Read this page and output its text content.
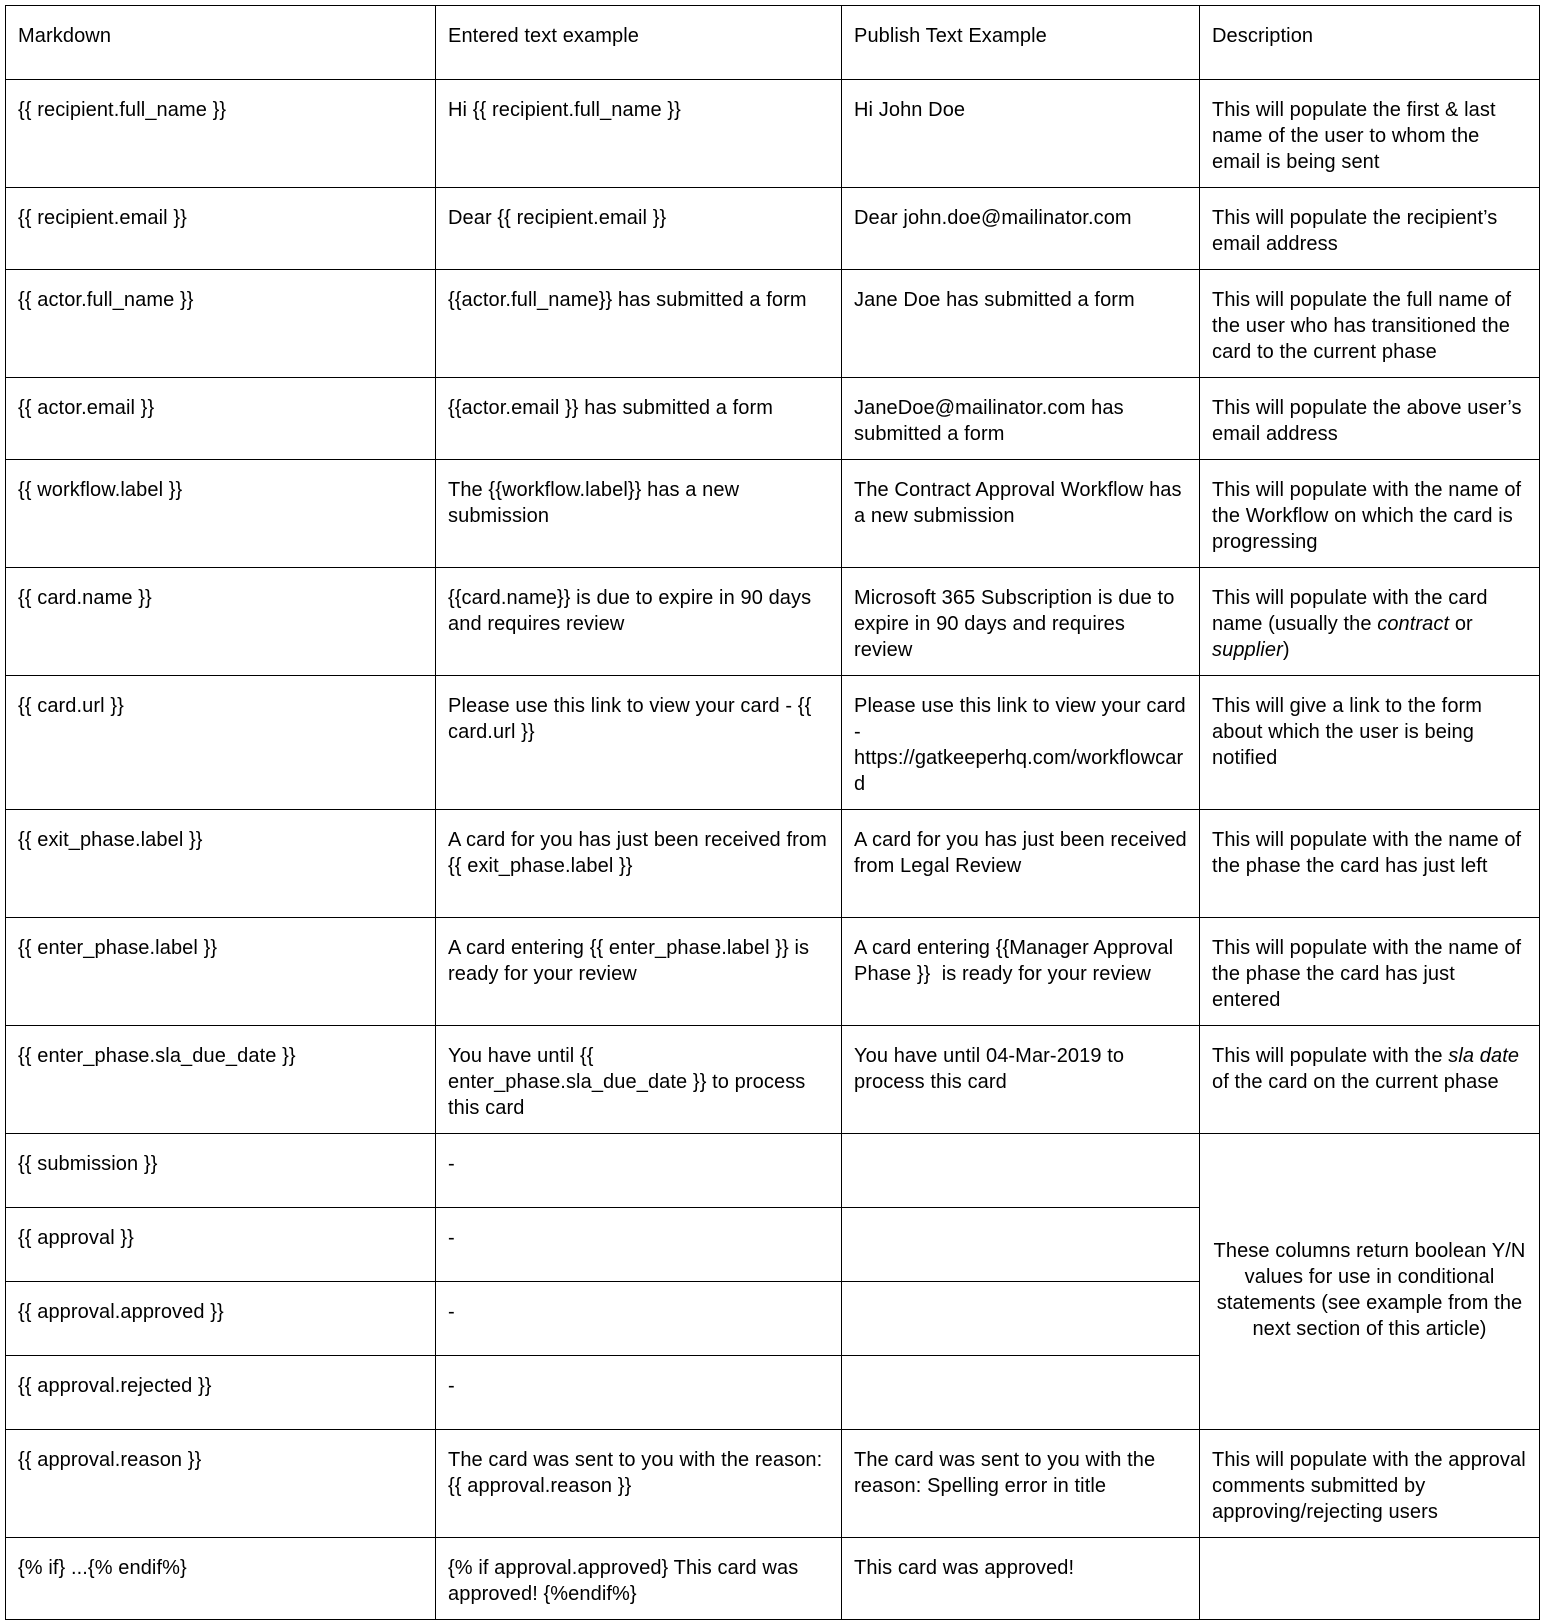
Markdown	Entered text example	Publish Text Example	Description
{{ recipient.full_name }}	Hi {{ recipient.full_name }}	Hi John Doe	This will populate the first & last name of the user to whom the email is being sent
{{ recipient.email }}	Dear {{ recipient.email }}	Dear john.doe@mailinator.com	This will populate the recipient’s email address
{{ actor.full_name }}	{{actor.full_name}} has submitted a form	Jane Doe has submitted a form	This will populate the full name of the user who has transitioned the card to the current phase
{{ actor.email }}	{{actor.email }} has submitted a form	JaneDoe@mailinator.com has submitted a form	This will populate the above user’s email address
{{ workflow.label }}	The {{workflow.label}} has a new submission	The Contract Approval Workflow has a new submission	This will populate with the name of the Workflow on which the card is progressing
{{ card.name }}	{{card.name}} is due to expire in 90 days and requires review	Microsoft 365 Subscription is due to expire in 90 days and requires review	This will populate with the card name (usually the contract or supplier)
{{ card.url }}	Please use this link to view your card - {{ card.url }}	Please use this link to view your card - https://gatkeeperhq.com/workflowcard	This will give a link to the form about which the user is being notified
{{ exit_phase.label }}	A card for you has just been received from {{ exit_phase.label }}	A card for you has just been received from Legal Review	This will populate with the name of the phase the card has just left
{{ enter_phase.label }}	A card entering {{ enter_phase.label }} is ready for your review	A card entering {{Manager Approval Phase }}  is ready for your review	This will populate with the name of the phase the card has just entered
{{ enter_phase.sla_due_date }}	You have until {{ enter_phase.sla_due_date }} to process this card	You have until 04-Mar-2019 to process this card	This will populate with the sla date of the card on the current phase
{{ submission }}	-		These columns return boolean Y/N values for use in conditional statements (see example from the next section of this article)
{{ approval }}	-		
{{ approval.approved }}	-		
{{ approval.rejected }}	-		
{{ approval.reason }}	The card was sent to you with the reason: {{ approval.reason }}	The card was sent to you with the reason: Spelling error in title	This will populate with the approval comments submitted by approving/rejecting users
{% if} ...{% endif%}	{% if approval.approved} This card was approved! {%endif%}	This card was approved!	
